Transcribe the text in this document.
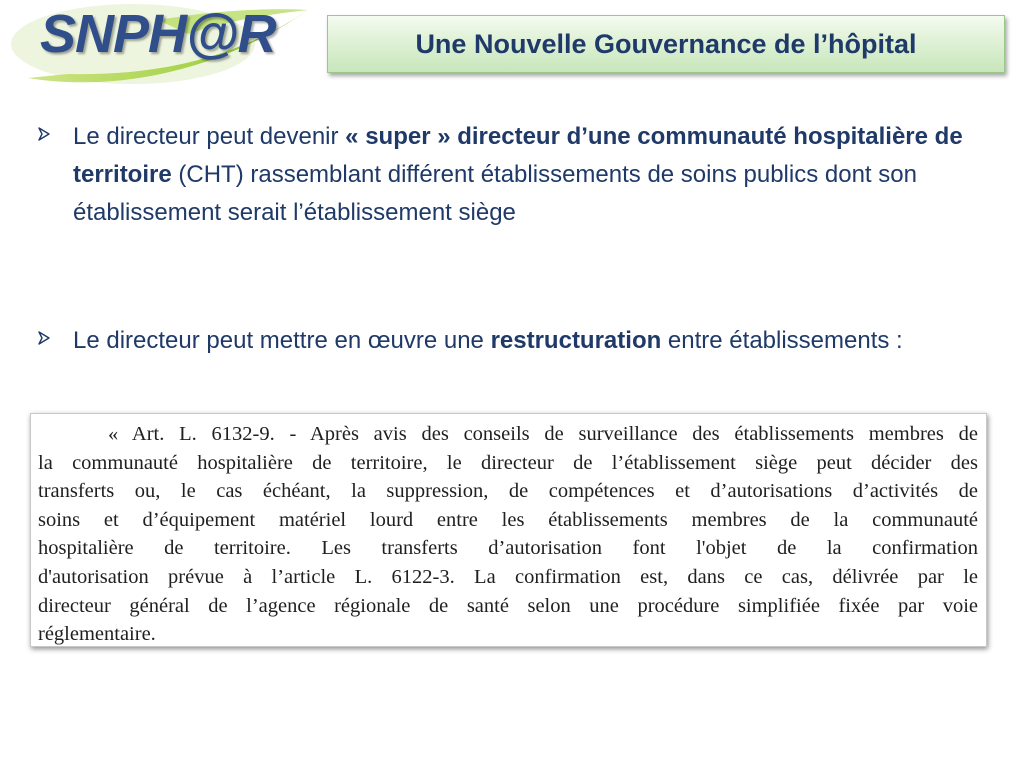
SNPH@R	Une Nouvelle Gouvernance de l’hôpital
Le directeur peut devenir « super » directeur d’une communauté hospitalière de territoire (CHT) rassemblant différent établissements de soins publics dont son établissement serait l’établissement siège
Le directeur peut mettre en œuvre une restructuration entre établissements :
« Art. L. 6132-9. - Après avis des conseils de surveillance des établissements membres de
la communauté hospitalière de territoire, le directeur de l’établissement siège peut décider des
transferts ou, le cas échéant, la suppression, de compétences et d’autorisations d’activités de
soins et d’équipement matériel lourd entre les établissements membres de la communauté
hospitalière de territoire. Les transferts d’autorisation font l'objet de la confirmation
d'autorisation prévue à l’article L. 6122-3. La confirmation est, dans ce cas, délivrée par le
directeur général de l’agence régionale de santé selon une procédure simplifiée fixée par voie
réglementaire.
